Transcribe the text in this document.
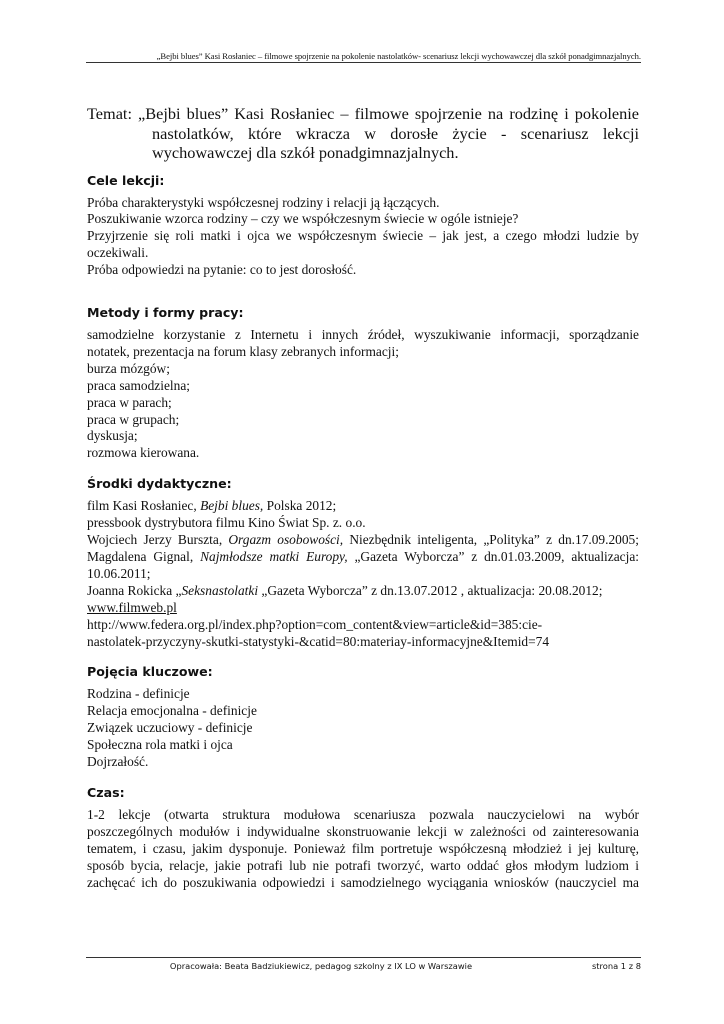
„Bejbi blues” Kasi Rosłaniec – filmowe spojrzenie na pokolenie nastolatków- scenariusz lekcji wychowawczej dla szkół ponadgimnazjalnych.
Temat: „Bejbi blues” Kasi Rosłaniec – filmowe spojrzenie na rodzinę i pokolenie
nastolatków, które wkracza w dorosłe życie - scenariusz lekcji
wychowawczej dla szkół ponadgimnazjalnych.
Cele lekcji:
Próba charakterystyki współczesnej rodziny i relacji ją łączących.
Poszukiwanie wzorca rodziny – czy we współczesnym świecie w ogóle istnieje?
Przyjrzenie się roli matki i ojca we współczesnym świecie – jak jest, a czego młodzi ludzie by
oczekiwali.
Próba odpowiedzi na pytanie: co to jest dorosłość.
Metody i formy pracy:
samodzielne korzystanie z Internetu i innych źródeł, wyszukiwanie informacji, sporządzanie
notatek, prezentacja na forum klasy zebranych informacji;
burza mózgów;
praca samodzielna;
praca w parach;
praca w grupach;
dyskusja;
rozmowa kierowana.
Środki dydaktyczne:
film Kasi Rosłaniec, Bejbi blues, Polska 2012;
pressbook dystrybutora filmu Kino Świat Sp. z. o.o.
Wojciech Jerzy Burszta, Orgazm osobowości, Niezbędnik inteligenta, „Polityka” z dn.17.09.2005;
Magdalena Gignal, Najmłodsze matki Europy, „Gazeta Wyborcza” z dn.01.03.2009, aktualizacja:
10.06.2011;
Joanna Rokicka „Seksnastolatki „Gazeta Wyborcza” z dn.13.07.2012 , aktualizacja: 20.08.2012;
www.filmweb.pl
http://www.federa.org.pl/index.php?option=com_content&view=article&id=385:cie-
nastolatek-przyczyny-skutki-statystyki-&catid=80:materiay-informacyjne&Itemid=74
Pojęcia kluczowe:
Rodzina - definicje
Relacja emocjonalna - definicje
Związek uczuciowy - definicje
Społeczna rola matki i ojca
Dojrzałość.
Czas:
1-2 lekcje (otwarta struktura modułowa scenariusza pozwala nauczycielowi na wybór
poszczególnych modułów i indywidualne skonstruowanie lekcji w zależności od zainteresowania
tematem, i czasu, jakim dysponuje. Ponieważ film portretuje współczesną młodzież i jej kulturę,
sposób bycia, relacje, jakie potrafi lub nie potrafi tworzyć, warto oddać głos młodym ludziom i
zachęcać ich do poszukiwania odpowiedzi i samodzielnego wyciągania wniosków (nauczyciel ma
Opracowała: Beata Badziukiewicz, pedagog szkolny z IX LO w Warszawie	strona 1 z 8
